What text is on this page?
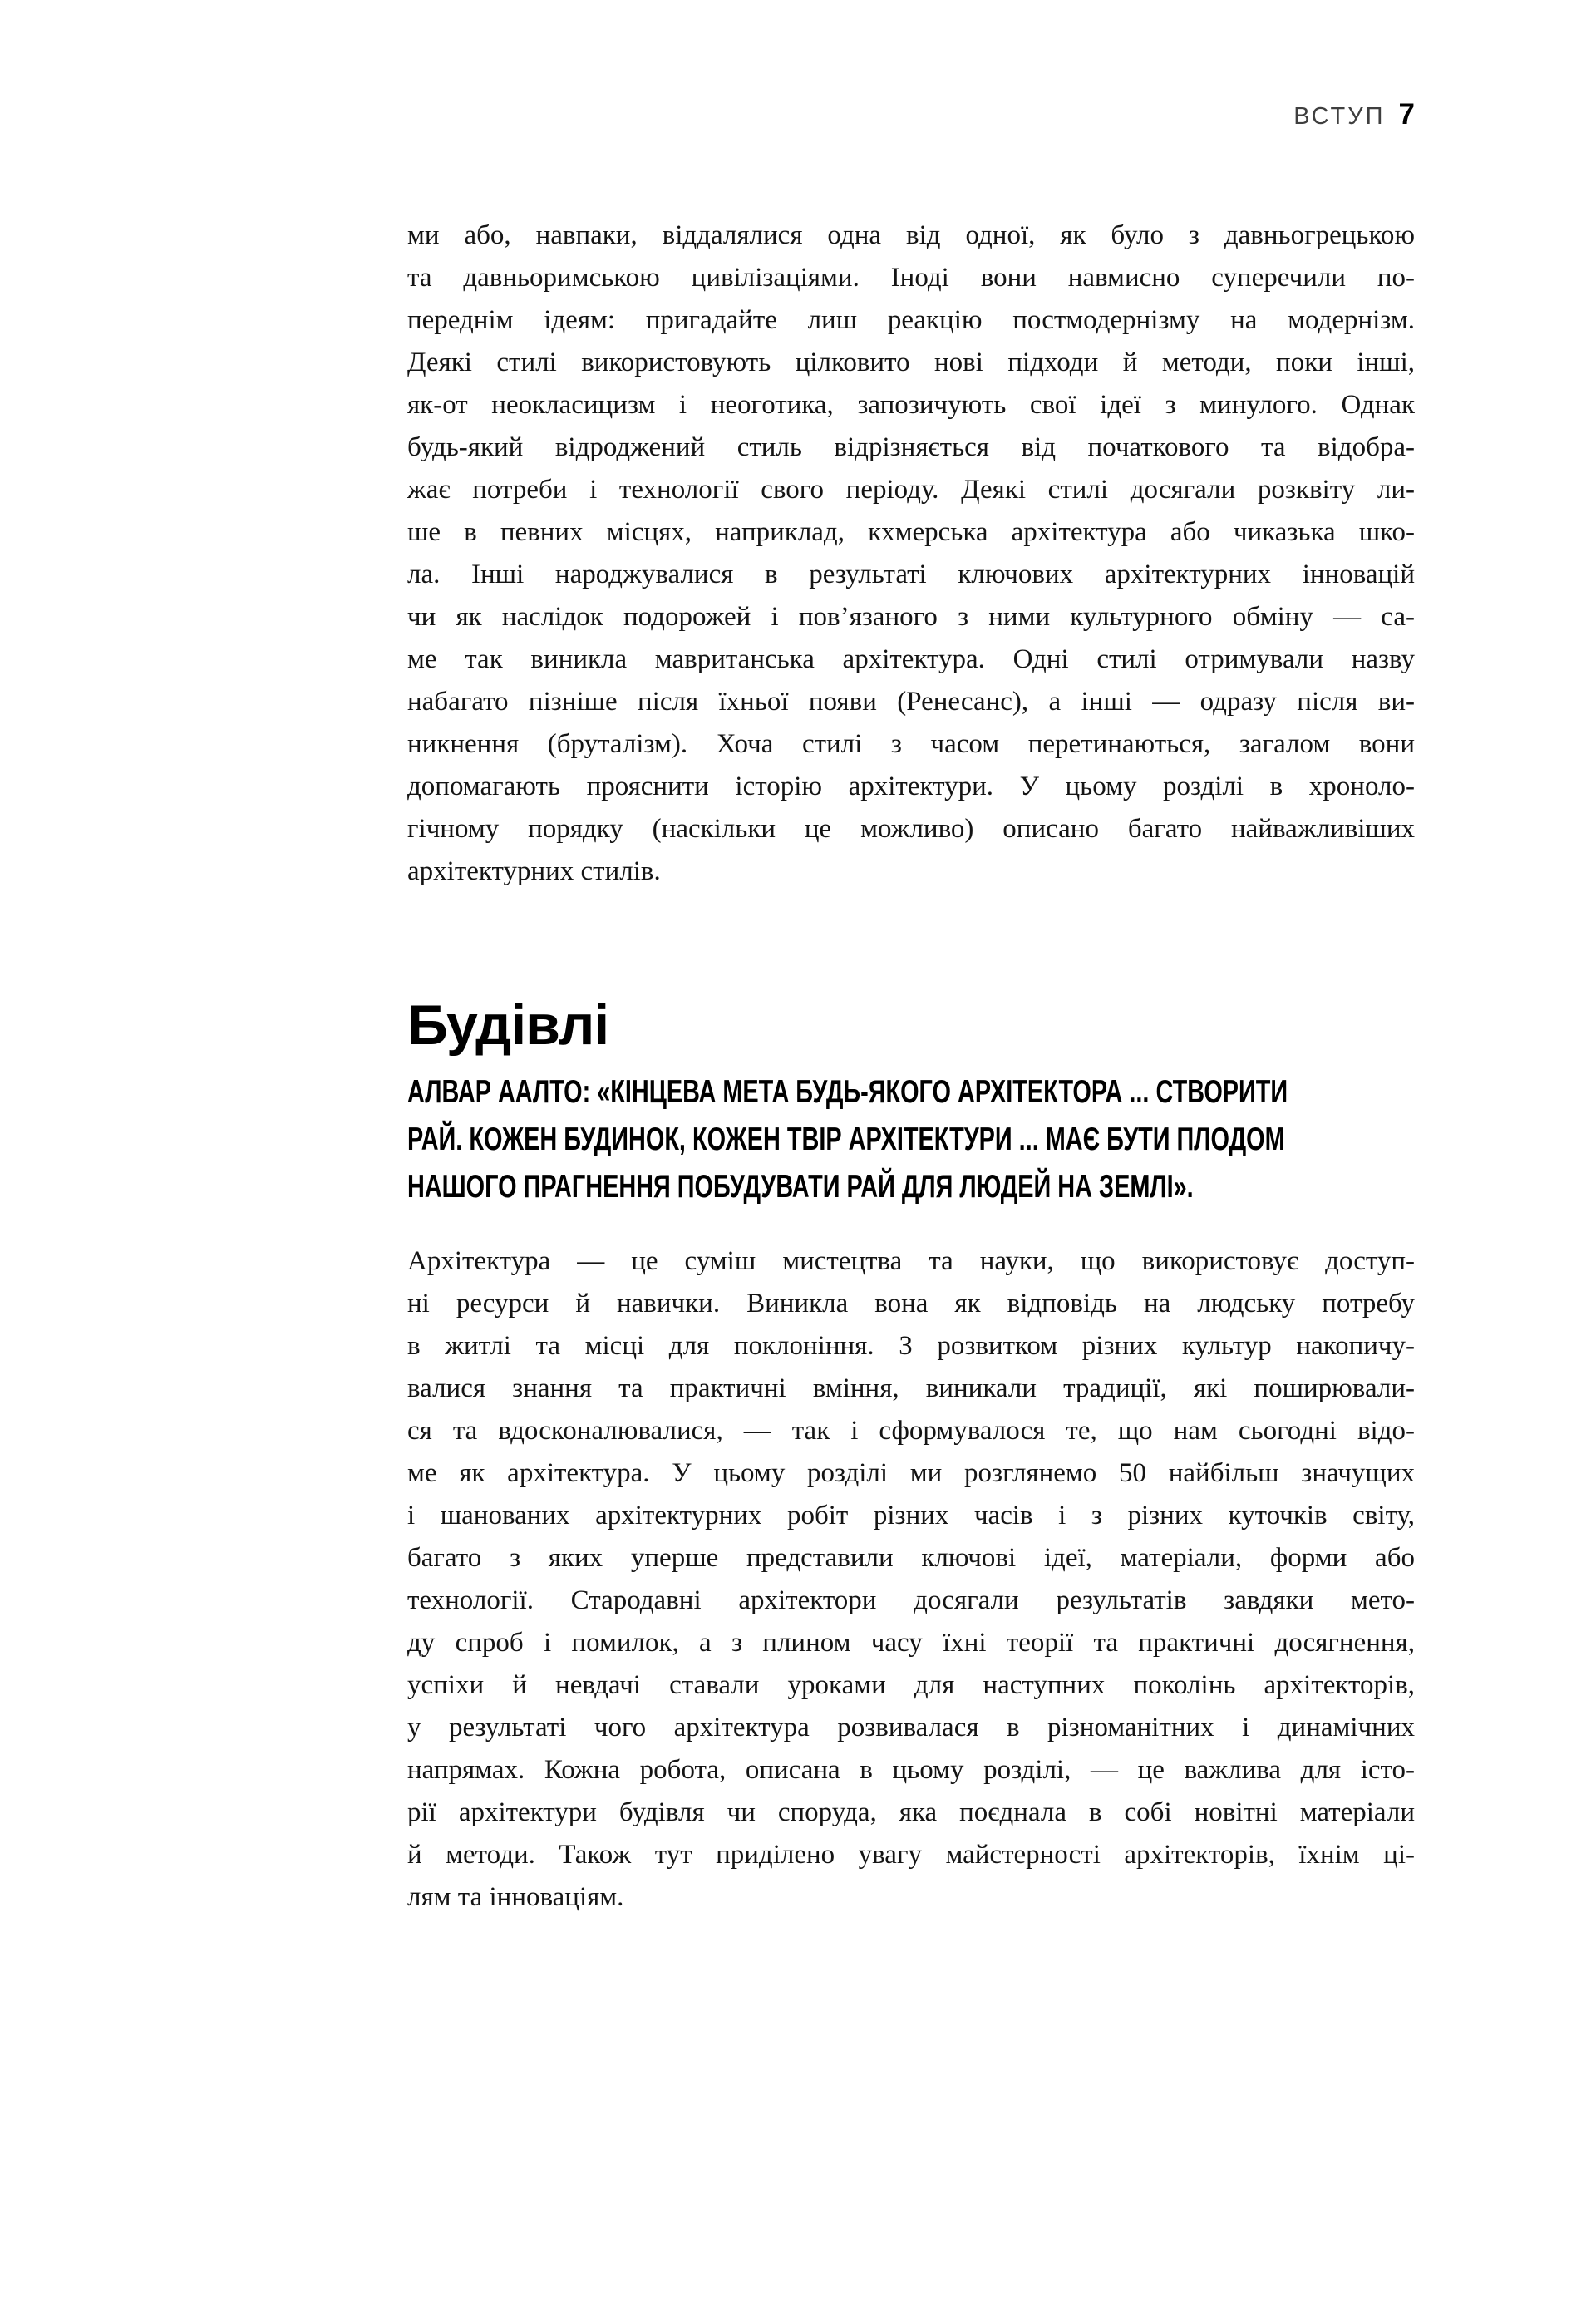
ВСТУП 7
ми або, навпаки, віддалялися одна від одної, як було з давньогрецькою
та давньоримською цивілізаціями. Іноді вони навмисно суперечили по-
переднім ідеям: пригадайте лиш реакцію постмодернізму на модернізм.
Деякі стилі використовують цілковито нові підходи й методи, поки інші,
як-от неокласицизм і неоготика, запозичують свої ідеї з минулого. Однак
будь-який відроджений стиль відрізняється від початкового та відобра-
жає потреби і технології свого періоду. Деякі стилі досягали розквіту ли-
ше в певних місцях, наприклад, кхмерська архітектура або чиказька шко-
ла. Інші народжувалися в результаті ключових архітектурних інновацій
чи як наслідок подорожей і пов’язаного з ними культурного обміну — са-
ме так виникла мавританська архітектура. Одні стилі отримували назву
набагато пізніше після їхньої появи (Ренесанс), а інші — одразу після ви-
никнення (бруталізм). Хоча стилі з часом перетинаються, загалом вони
допомагають прояснити історію архітектури. У цьому розділі в хроноло-
гічному порядку (наскільки це можливо) описано багато найважливіших
архітектурних стилів.
Будівлі
АЛВАР ААЛТО: «КІНЦЕВА МЕТА БУДЬ-ЯКОГО АРХІТЕКТОРА ... СТВОРИТИ
РАЙ. КОЖЕН БУДИНОК, КОЖЕН ТВІР АРХІТЕКТУРИ ... МАЄ БУТИ ПЛОДОМ
НАШОГО ПРАГНЕННЯ ПОБУДУВАТИ РАЙ ДЛЯ ЛЮДЕЙ НА ЗЕМЛІ».
Архітектура — це суміш мистецтва та науки, що використовує доступ-
ні ресурси й навички. Виникла вона як відповідь на людську потребу
в житлі та місці для поклоніння. З розвитком різних культур накопичу-
валися знання та практичні вміння, виникали традиції, які поширювали-
ся та вдосконалювалися, — так і сформувалося те, що нам сьогодні відо-
ме як архітектура. У цьому розділі ми розглянемо 50 найбільш значущих
і шанованих архітектурних робіт різних часів і з різних куточків світу,
багато з яких уперше представили ключові ідеї, матеріали, форми або
технології. Стародавні архітектори досягали результатів завдяки мето-
ду спроб і помилок, а з плином часу їхні теорії та практичні досягнення,
успіхи й невдачі ставали уроками для наступних поколінь архітекторів,
у результаті чого архітектура розвивалася в різноманітних і динамічних
напрямах. Кожна робота, описана в цьому розділі, — це важлива для істо-
рії архітектури будівля чи споруда, яка поєднала в собі новітні матеріали
й методи. Також тут приділено увагу майстерності архітекторів, їхнім ці-
лям та інноваціям.
